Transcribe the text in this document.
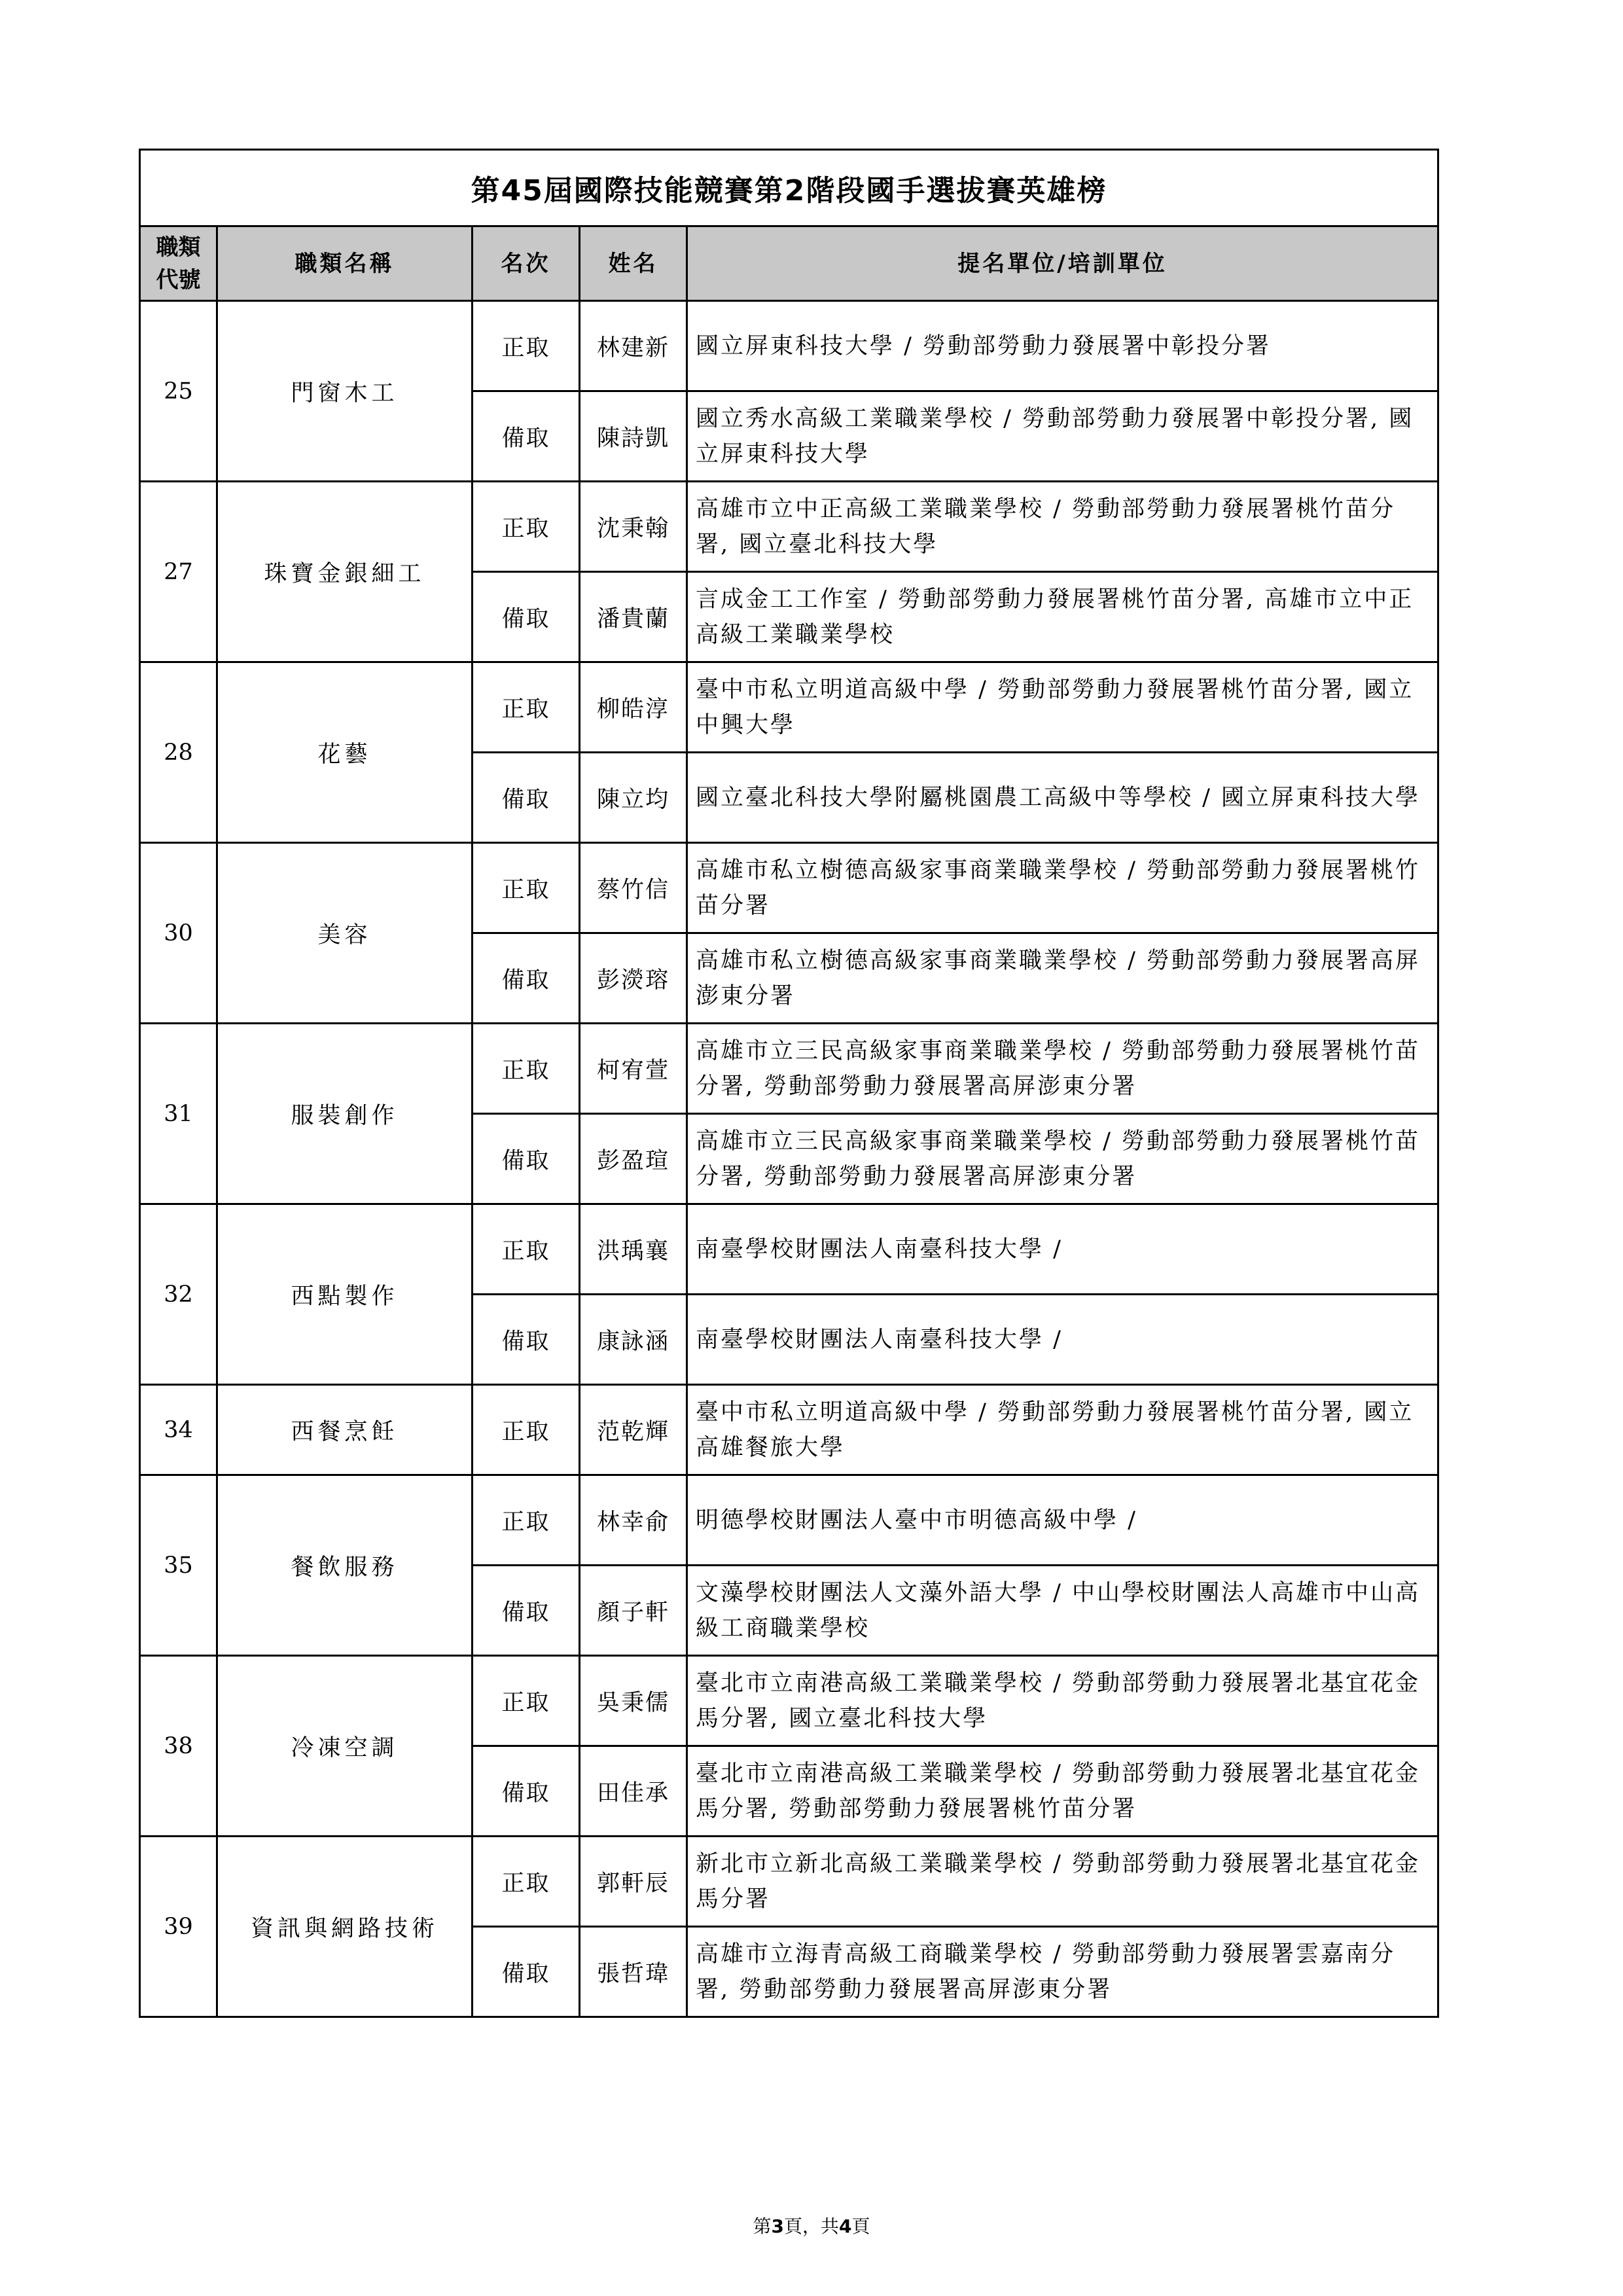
第45屆國際技能競賽第2階段國手選拔賽英雄榜				
職類代號	職類名稱	名次	姓名	提名單位/培訓單位
25	門窗木工	正取	林建新	國立屏東科技大學 / 勞動部勞動力發展署中彰投分署
		備取	陳詩凱	國立秀水高級工業職業學校 / 勞動部勞動力發展署中彰投分署, 國立屏東科技大學
27	珠寶金銀細工	正取	沈秉翰	高雄市立中正高級工業職業學校 / 勞動部勞動力發展署桃竹苗分署, 國立臺北科技大學
		備取	潘貴蘭	言成金工工作室 / 勞動部勞動力發展署桃竹苗分署, 高雄市立中正高級工業職業學校
28	花藝	正取	柳皓淳	臺中市私立明道高級中學 / 勞動部勞動力發展署桃竹苗分署, 國立中興大學
		備取	陳立均	國立臺北科技大學附屬桃園農工高級中等學校 / 國立屏東科技大學
30	美容	正取	蔡竹信	高雄市私立樹德高級家事商業職業學校 / 勞動部勞動力發展署桃竹苗分署
		備取	彭濙瑢	高雄市私立樹德高級家事商業職業學校 / 勞動部勞動力發展署高屏澎東分署
31	服裝創作	正取	柯宥萱	高雄市立三民高級家事商業職業學校 / 勞動部勞動力發展署桃竹苗分署, 勞動部勞動力發展署高屏澎東分署
		備取	彭盈瑄	高雄市立三民高級家事商業職業學校 / 勞動部勞動力發展署桃竹苗分署, 勞動部勞動力發展署高屏澎東分署
32	西點製作	正取	洪瑀襄	南臺學校財團法人南臺科技大學 /
		備取	康詠涵	南臺學校財團法人南臺科技大學 /
34	西餐烹飪	正取	范乾輝	臺中市私立明道高級中學 / 勞動部勞動力發展署桃竹苗分署, 國立高雄餐旅大學
35	餐飲服務	正取	林幸俞	明德學校財團法人臺中市明德高級中學 /
		備取	顏子軒	文藻學校財團法人文藻外語大學 / 中山學校財團法人高雄市中山高級工商職業學校
38	冷凍空調	正取	吳秉儒	臺北市立南港高級工業職業學校 / 勞動部勞動力發展署北基宜花金馬分署, 國立臺北科技大學
		備取	田佳承	臺北市立南港高級工業職業學校 / 勞動部勞動力發展署北基宜花金馬分署, 勞動部勞動力發展署桃竹苗分署
39	資訊與網路技術	正取	郭軒辰	新北市立新北高級工業職業學校 / 勞動部勞動力發展署北基宜花金馬分署
		備取	張哲瑋	高雄市立海青高級工商職業學校 / 勞動部勞動力發展署雲嘉南分署, 勞動部勞動力發展署高屏澎東分署
第3頁，共4頁
